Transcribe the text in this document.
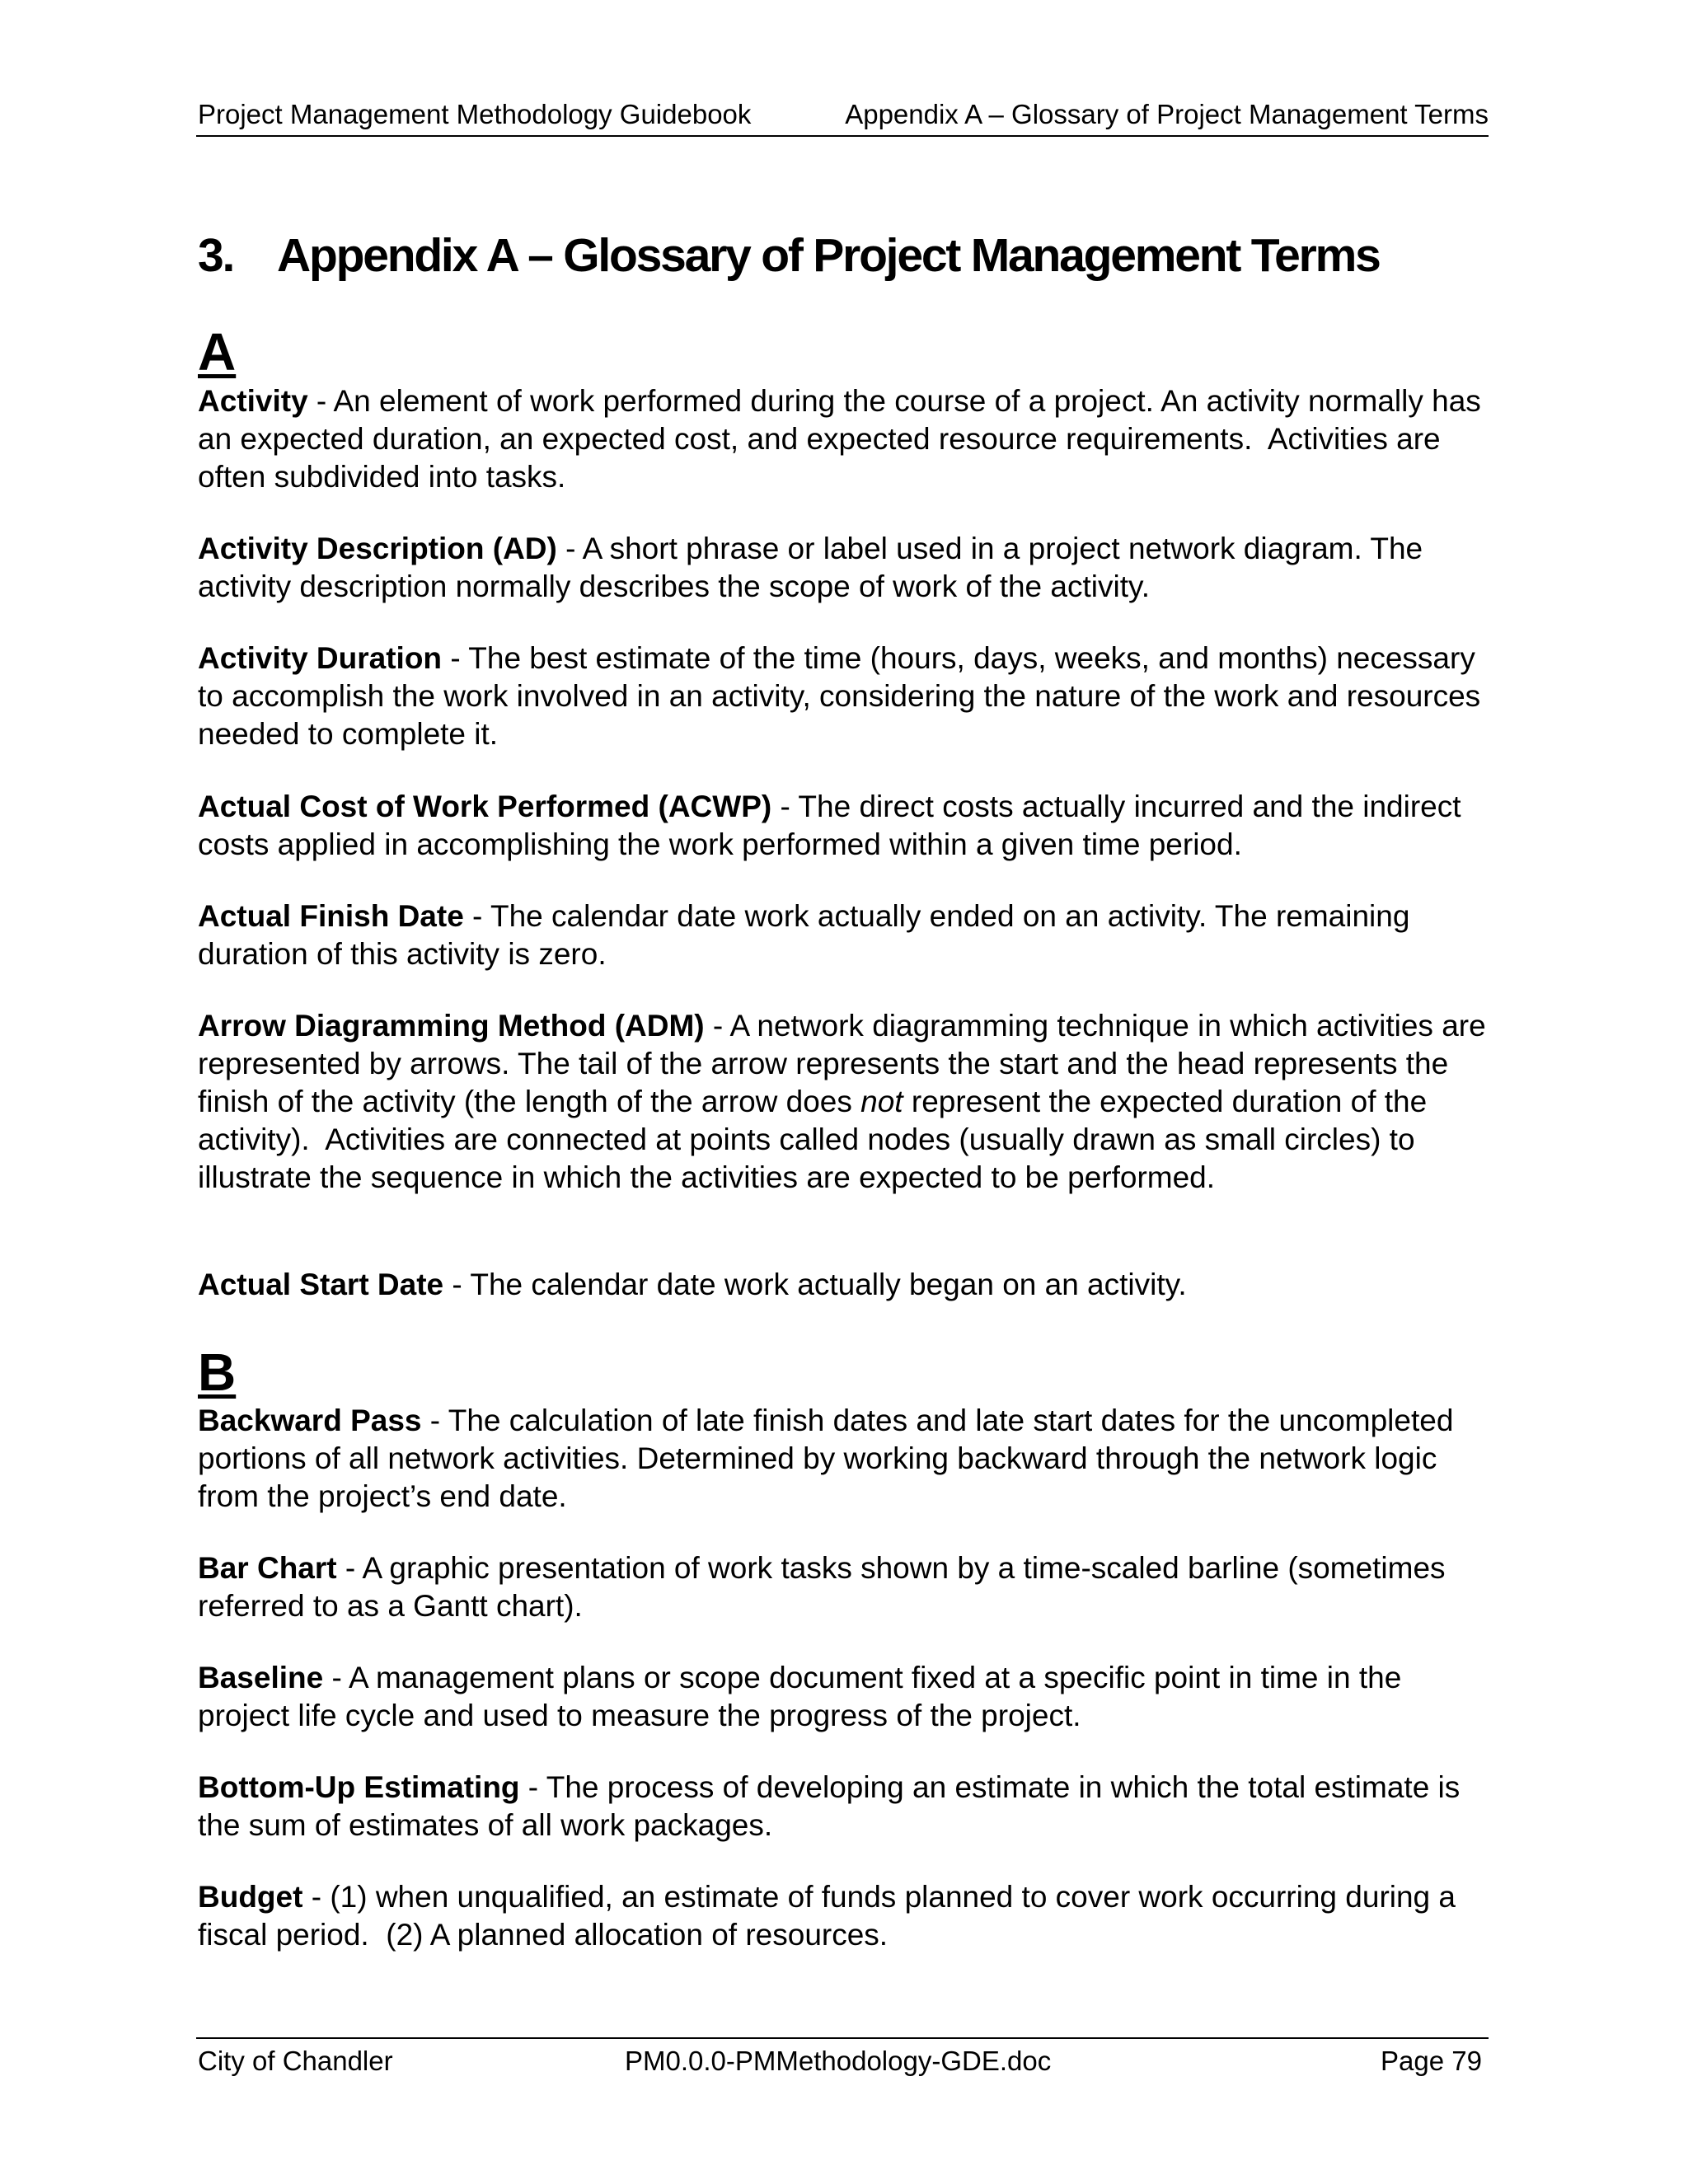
Project Management Methodology Guidebook	Appendix A – Glossary of Project Management Terms
3. Appendix A – Glossary of Project Management Terms
A

Activity - An element of work performed during the course of a project. An activity normally has an expected duration, an expected cost, and expected resource requirements.  Activities are often subdivided into tasks.

Activity Description (AD) - A short phrase or label used in a project network diagram. The activity description normally describes the scope of work of the activity.

Activity Duration - The best estimate of the time (hours, days, weeks, and months) necessary to accomplish the work involved in an activity, considering the nature of the work and resources needed to complete it.

Actual Cost of Work Performed (ACWP) - The direct costs actually incurred and the indirect costs applied in accomplishing the work performed within a given time period.

Actual Finish Date - The calendar date work actually ended on an activity. The remaining duration of this activity is zero.

Arrow Diagramming Method (ADM) - A network diagramming technique in which activities are represented by arrows. The tail of the arrow represents the start and the head represents the finish of the activity (the length of the arrow does not represent the expected duration of the activity).  Activities are connected at points called nodes (usually drawn as small circles) to illustrate the sequence in which the activities are expected to be performed.

Actual Start Date - The calendar date work actually began on an activity.

B

Backward Pass - The calculation of late finish dates and late start dates for the uncompleted portions of all network activities. Determined by working backward through the network logic from the project’s end date.

Bar Chart - A graphic presentation of work tasks shown by a time-scaled barline (sometimes referred to as a Gantt chart).

Baseline - A management plans or scope document fixed at a specific point in time in the project life cycle and used to measure the progress of the project.

Bottom-Up Estimating - The process of developing an estimate in which the total estimate is the sum of estimates of all work packages.

Budget - (1) when unqualified, an estimate of funds planned to cover work occurring during a fiscal period.  (2) A planned allocation of resources.

City of Chandler	PM0.0.0-PMMethodology-GDE.doc	Page 79
